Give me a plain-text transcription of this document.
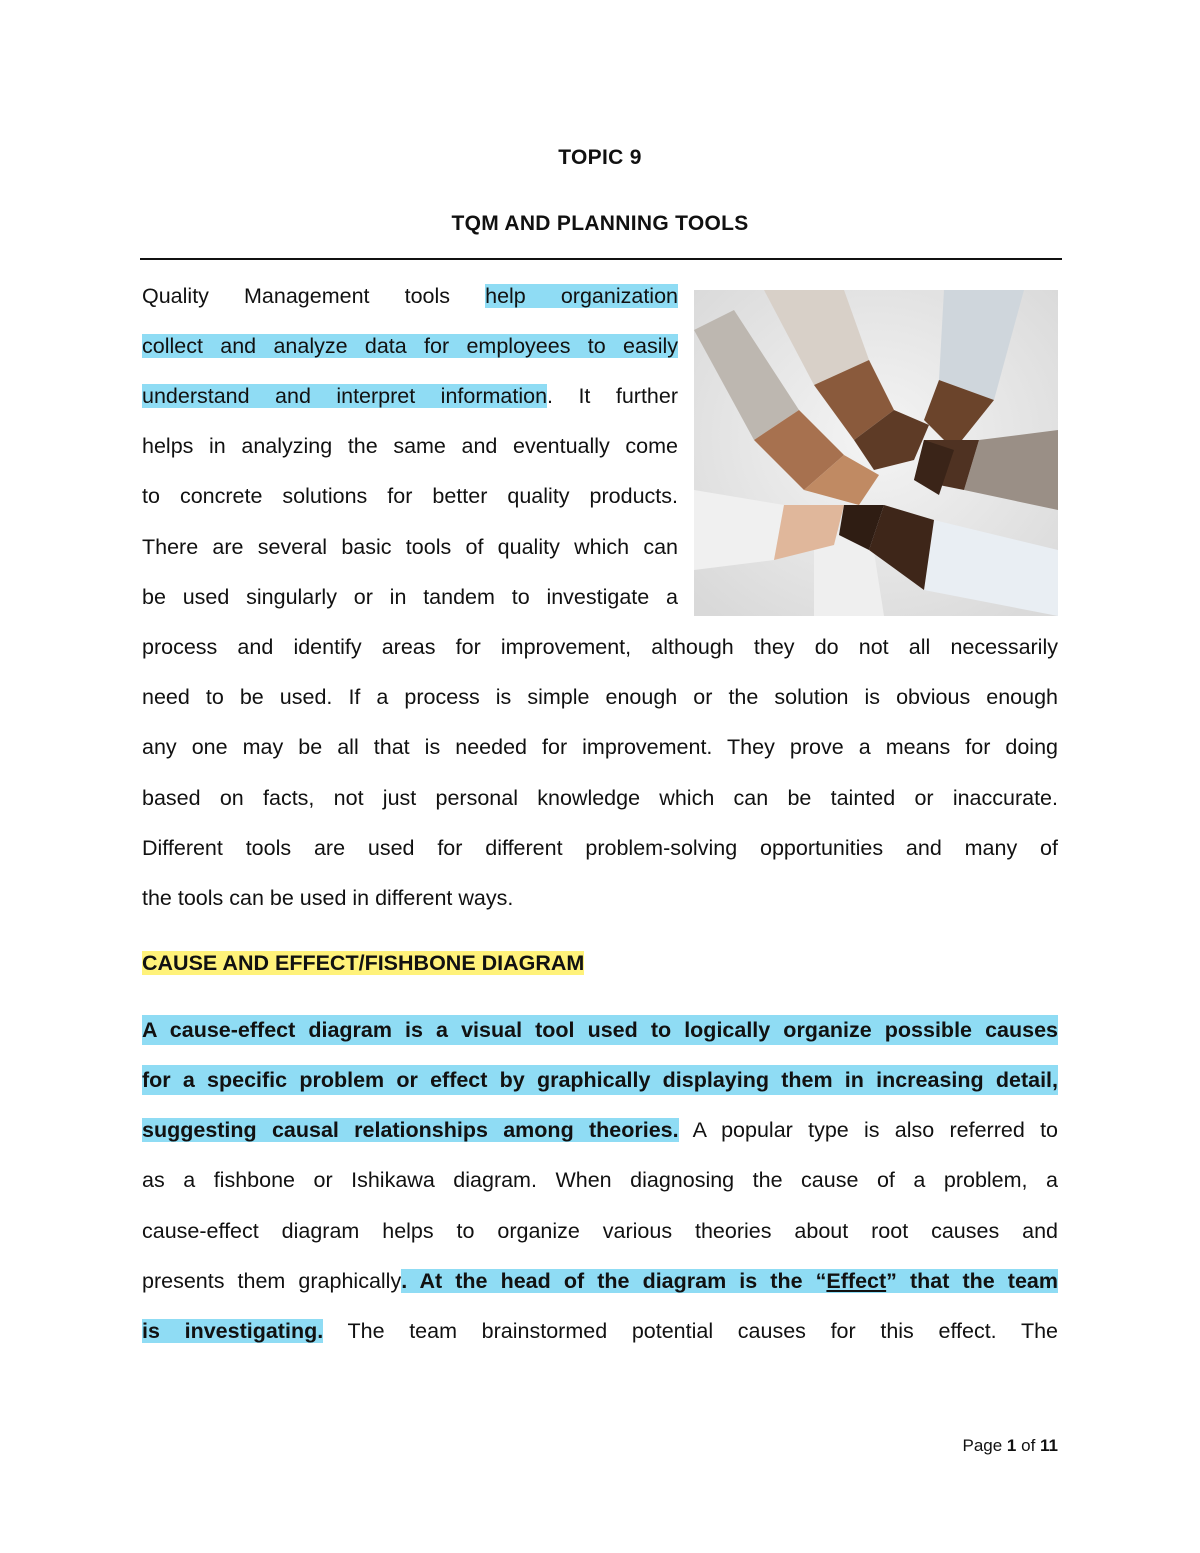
TOPIC 9
TQM AND PLANNING TOOLS
Quality Management tools help organization
collect and analyze data for employees to easily
understand and interpret information. It further
helps in analyzing the same and eventually come
to concrete solutions for better quality products.
There are several basic tools of quality which can
be used singularly or in tandem to investigate a
process and identify areas for improvement, although they do not all necessarily
need to be used. If a process is simple enough or the solution is obvious enough
any one may be all that is needed for improvement. They prove a means for doing
based on facts, not just personal knowledge which can be tainted or inaccurate.
Different tools are used for different problem-solving opportunities and many of
the tools can be used in different ways.
CAUSE AND EFFECT/FISHBONE DIAGRAM
A cause-effect diagram is a visual tool used to logically organize possible causes
for a specific problem or effect by graphically displaying them in increasing detail,
suggesting causal relationships among theories. A popular type is also referred to
as a fishbone or Ishikawa diagram. When diagnosing the cause of a problem, a
cause-effect diagram helps to organize various theories about root causes and
presents them graphically. At the head of the diagram is the “Effect” that the team
is investigating. The team brainstormed potential causes for this effect. The
Page 1 of 11
